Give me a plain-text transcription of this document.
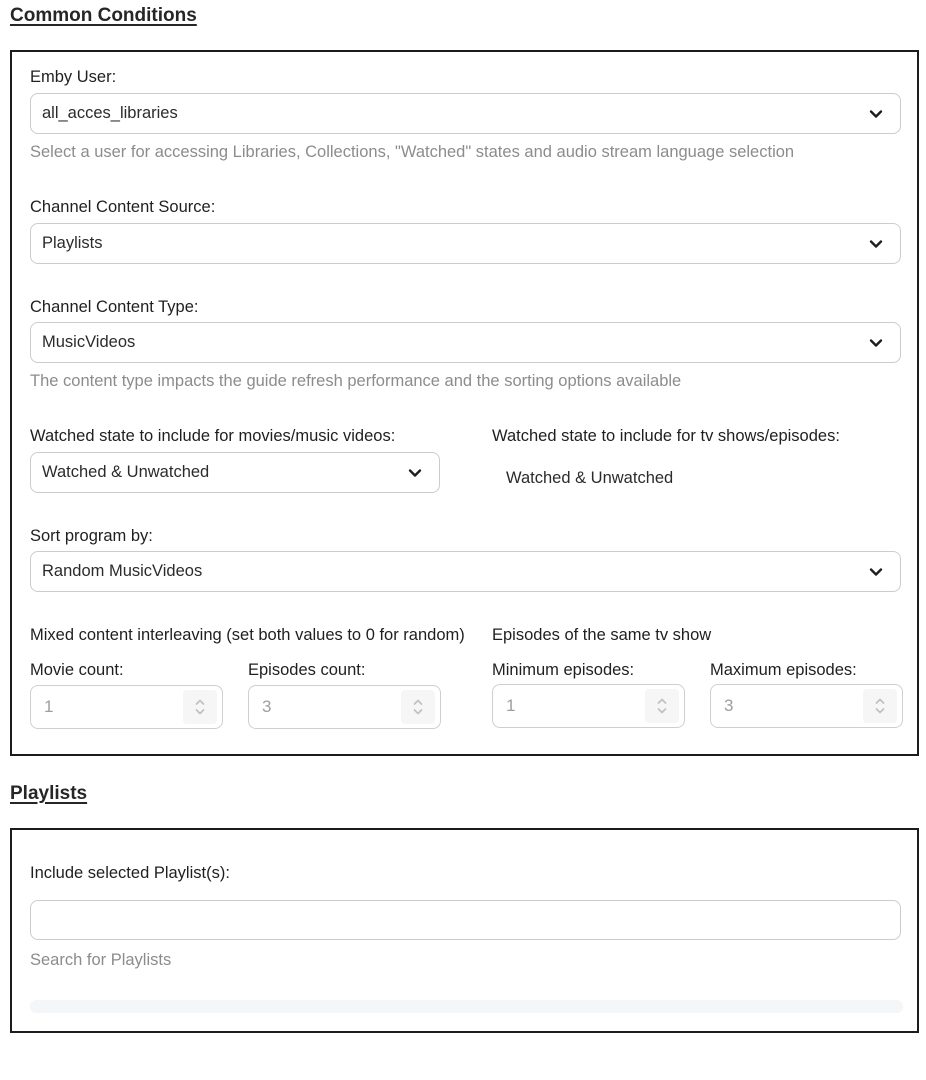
Common Conditions
Emby User:
all_acces_libraries
Select a user for accessing Libraries, Collections, "Watched" states and audio stream language selection
Channel Content Source:
Playlists
Channel Content Type:
MusicVideos
The content type impacts the guide refresh performance and the sorting options available
Watched state to include for movies/music videos:
Watched & Unwatched
Watched state to include for tv shows/episodes:
Watched & Unwatched
Sort program by:
Random MusicVideos
Mixed content interleaving (set both values to 0 for random)
Movie count:	Episodes count:
1
3
Episodes of the same tv show
Minimum episodes:	Maximum episodes:
1
3
Playlists
Include selected Playlist(s):
Search for Playlists
